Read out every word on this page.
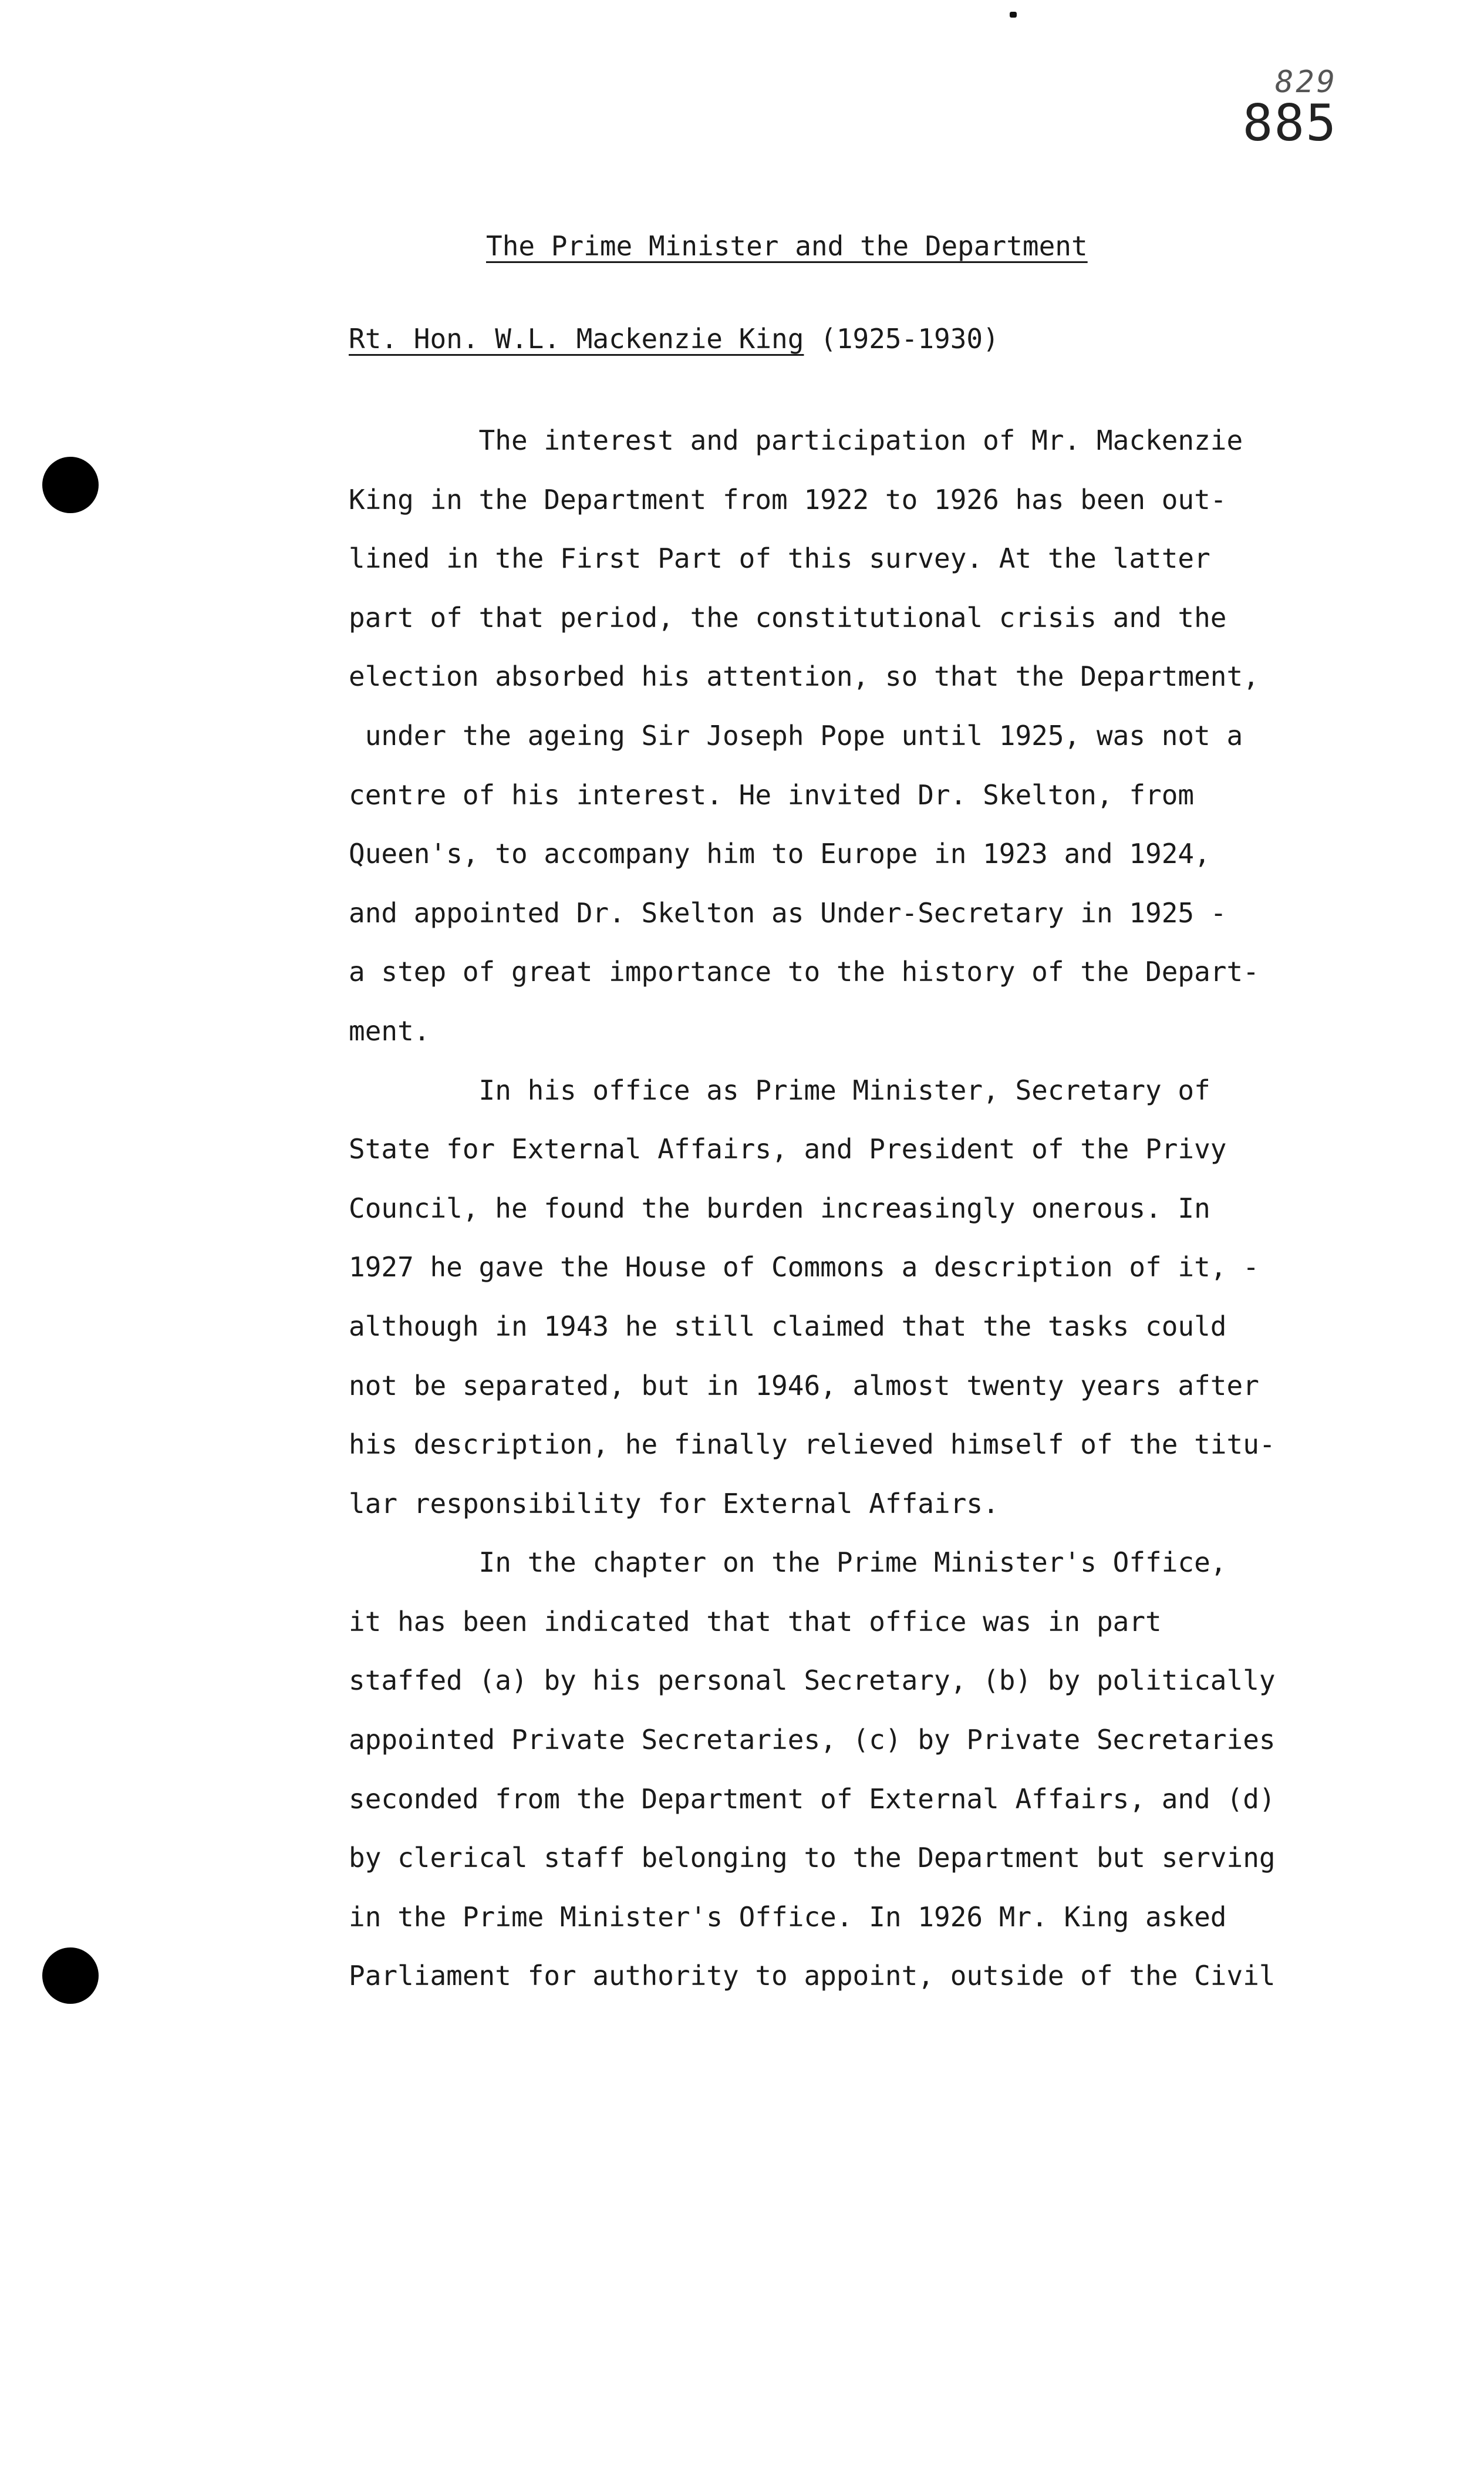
829
885
The Prime Minister and the Department
Rt. Hon. W.L. Mackenzie King (1925-1930)
The interest and participation of Mr. Mackenzie
King in the Department from 1922 to 1926 has been out-
lined in the First Part of this survey. At the latter
part of that period, the constitutional crisis and the
election absorbed his attention, so that the Department,
under the ageing Sir Joseph Pope until 1925, was not a
centre of his interest. He invited Dr. Skelton, from
Queen's, to accompany him to Europe in 1923 and 1924,
and appointed Dr. Skelton as Under-Secretary in 1925 -
a step of great importance to the history of the Depart-
ment.
In his office as Prime Minister, Secretary of
State for External Affairs, and President of the Privy
Council, he found the burden increasingly onerous. In
1927 he gave the House of Commons a description of it, -
although in 1943 he still claimed that the tasks could
not be separated, but in 1946, almost twenty years after
his description, he finally relieved himself of the titu-
lar responsibility for External Affairs.
In the chapter on the Prime Minister's Office,
it has been indicated that that office was in part
staffed (a) by his personal Secretary, (b) by politically
appointed Private Secretaries, (c) by Private Secretaries
seconded from the Department of External Affairs, and (d)
by clerical staff belonging to the Department but serving
in the Prime Minister's Office. In 1926 Mr. King asked
Parliament for authority to appoint, outside of the Civil
